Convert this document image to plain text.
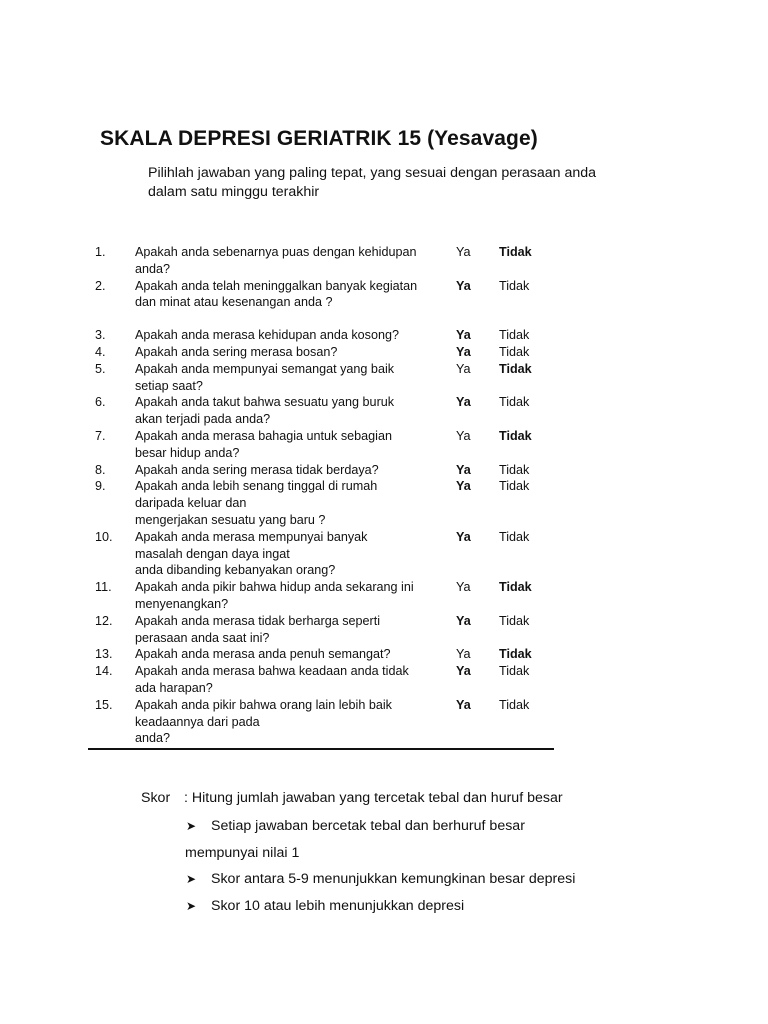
SKALA DEPRESI GERIATRIK 15 (Yesavage)
Pilihlah jawaban yang paling tepat, yang sesuai dengan perasaan anda dalam satu minggu terakhir
1.	Apakah anda sebenarnya puas dengan kehidupan
anda?
Ya	Tidak
2.	Apakah anda telah meninggalkan banyak kegiatan
dan minat atau kesenangan anda ?
Ya	Tidak
3.	Apakah anda merasa kehidupan anda kosong?	Ya	Tidak
4.	Apakah anda sering merasa bosan?	Ya	Tidak
5.	Apakah anda mempunyai semangat yang baik
setiap saat?
Ya	Tidak
6.	Apakah anda takut bahwa sesuatu yang buruk
akan terjadi pada anda?
Ya	Tidak
7.	Apakah anda merasa bahagia untuk sebagian
besar hidup anda?
Ya	Tidak
8.	Apakah anda sering merasa tidak berdaya?	Ya	Tidak
9.	Apakah anda lebih senang tinggal di rumah
daripada keluar dan
mengerjakan sesuatu yang baru ?
Ya	Tidak
10.	Apakah anda merasa mempunyai banyak
masalah dengan daya ingat
anda dibanding kebanyakan orang?
Ya	Tidak
11.	Apakah anda pikir bahwa hidup anda sekarang ini
menyenangkan?
Ya	Tidak
12.	Apakah anda merasa tidak berharga seperti
perasaan anda saat ini?
Ya	Tidak
13.	Apakah anda merasa anda penuh semangat?	Ya	Tidak
14.	Apakah anda merasa bahwa keadaan anda tidak
ada harapan?
Ya	Tidak
15.	Apakah anda pikir bahwa orang lain lebih baik
keadaannya dari pada
anda?
Ya	Tidak
Skor : Hitung jumlah jawaban yang tercetak tebal dan huruf besar
➤ Setiap jawaban bercetak tebal dan berhuruf besar
mempunyai nilai 1
➤ Skor antara 5-9 menunjukkan kemungkinan besar depresi
➤ Skor 10 atau lebih menunjukkan depresi
